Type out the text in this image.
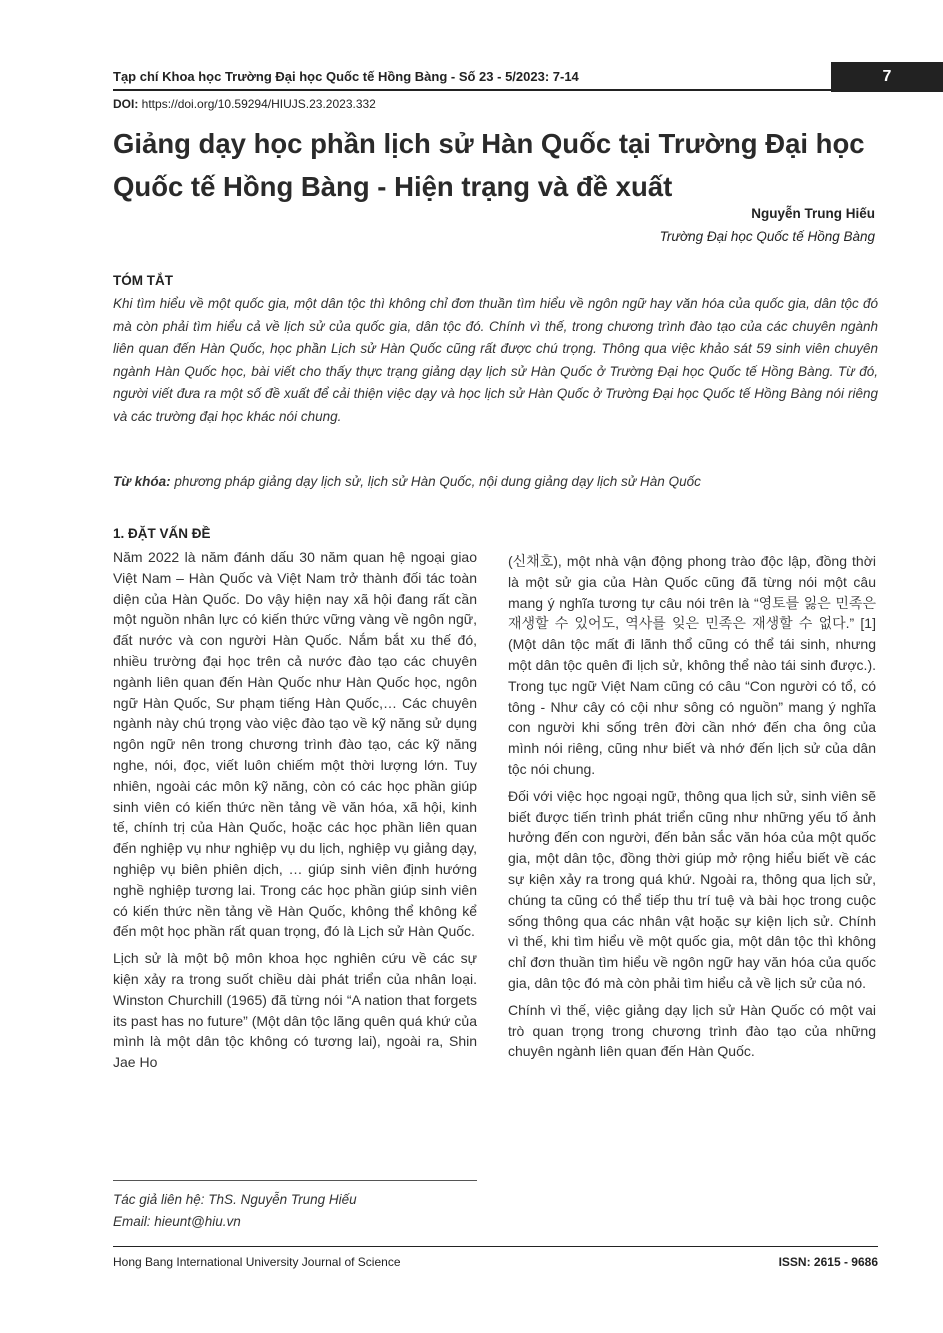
Tạp chí Khoa học Trường Đại học Quốc tế Hồng Bàng - Số 23 - 5/2023: 7-14	7
DOI: https://doi.org/10.59294/HIUJS.23.2023.332
Giảng dạy học phần lịch sử Hàn Quốc tại Trường Đại học Quốc tế Hồng Bàng - Hiện trạng và đề xuất
Nguyễn Trung Hiếu
Trường Đại học Quốc tế Hồng Bàng
TÓM TẮT
Khi tìm hiểu về một quốc gia, một dân tộc thì không chỉ đơn thuần tìm hiểu về ngôn ngữ hay văn hóa của quốc gia, dân tộc đó mà còn phải tìm hiểu cả về lịch sử của quốc gia, dân tộc đó. Chính vì thế, trong chương trình đào tạo của các chuyên ngành liên quan đến Hàn Quốc, học phần Lịch sử Hàn Quốc cũng rất được chú trọng. Thông qua việc khảo sát 59 sinh viên chuyên ngành Hàn Quốc học, bài viết cho thấy thực trạng giảng dạy lịch sử Hàn Quốc ở Trường Đại học Quốc tế Hồng Bàng. Từ đó, người viết đưa ra một số đề xuất để cải thiện việc dạy và học lịch sử Hàn Quốc ở Trường Đại học Quốc tế Hồng Bàng nói riêng và các trường đại học khác nói chung.
Từ khóa: phương pháp giảng dạy lịch sử, lịch sử Hàn Quốc, nội dung giảng dạy lịch sử Hàn Quốc
1. ĐẶT VẤN ĐỀ

Năm 2022 là năm đánh dấu 30 năm quan hệ ngoại giao Việt Nam – Hàn Quốc và Việt Nam trở thành đối tác toàn diện của Hàn Quốc. Do vậy hiện nay xã hội đang rất cần một nguồn nhân lực có kiến thức vững vàng về ngôn ngữ, đất nước và con người Hàn Quốc. Nắm bắt xu thế đó, nhiều trường đại học trên cả nước đào tạo các chuyên ngành liên quan đến Hàn Quốc như Hàn Quốc học, ngôn ngữ Hàn Quốc, Sư phạm tiếng Hàn Quốc,… Các chuyên ngành này chú trọng vào việc đào tạo về kỹ năng sử dụng ngôn ngữ nên trong chương trình đào tạo, các kỹ năng nghe, nói, đọc, viết luôn chiếm một thời lượng lớn. Tuy nhiên, ngoài các môn kỹ năng, còn có các học phần giúp sinh viên có kiến thức nền tảng về văn hóa, xã hội, kinh tế, chính trị của Hàn Quốc, hoặc các học phần liên quan đến nghiệp vụ như nghiệp vụ du lịch, nghiệp vụ giảng dạy, nghiệp vụ biên phiên dịch, … giúp sinh viên định hướng nghề nghiệp tương lai. Trong các học phần giúp sinh viên có kiến thức nền tảng về Hàn Quốc, không thể không kể đến một học phần rất quan trọng, đó là Lịch sử Hàn Quốc.

Lịch sử là một bộ môn khoa học nghiên cứu về các sự kiện xảy ra trong suốt chiều dài phát triển của nhân loại. Winston Churchill (1965) đã từng nói “A nation that forgets its past has no future” (Một dân tộc lãng quên quá khứ của mình là một dân tộc không có tương lai), ngoài ra, Shin Jae Ho

(신채호), một nhà vận động phong trào độc lập, đồng thời là một sử gia của Hàn Quốc cũng đã từng nói một câu mang ý nghĩa tương tự câu nói trên là “영토를 잃은 민족은 재생할 수 있어도, 역사를 잊은 민족은 재생할 수 없다.” [1] (Một dân tộc mất đi lãnh thổ cũng có thể tái sinh, nhưng một dân tộc quên đi lịch sử, không thể nào tái sinh được.). Trong tục ngữ Việt Nam cũng có câu “Con người có tổ, có tông - Như cây có cội như sông có nguồn” mang ý nghĩa con người khi sống trên đời cần nhớ đến cha ông của mình nói riêng, cũng như biết và nhớ đến lịch sử của dân tộc nói chung.

Đối với việc học ngoại ngữ, thông qua lịch sử, sinh viên sẽ biết được tiến trình phát triển cũng như những yếu tố ảnh hưởng đến con người, đến bản sắc văn hóa của một quốc gia, một dân tộc, đồng thời giúp mở rộng hiểu biết về các sự kiện xảy ra trong quá khứ. Ngoài ra, thông qua lịch sử, chúng ta cũng có thể tiếp thu trí tuệ và bài học trong cuộc sống thông qua các nhân vật hoặc sự kiện lịch sử. Chính vì thế, khi tìm hiểu về một quốc gia, một dân tộc thì không chỉ đơn thuần tìm hiểu về ngôn ngữ hay văn hóa của quốc gia, dân tộc đó mà còn phải tìm hiểu cả về lịch sử của nó.

Chính vì thế, việc giảng dạy lịch sử Hàn Quốc có một vai trò quan trọng trong chương trình đào tạo của những chuyên ngành liên quan đến Hàn Quốc.

Tác giả liên hệ: ThS. Nguyễn Trung Hiếu
Email: hieunt@hiu.vn
Hong Bang International University Journal of Science	ISSN: 2615 - 9686
